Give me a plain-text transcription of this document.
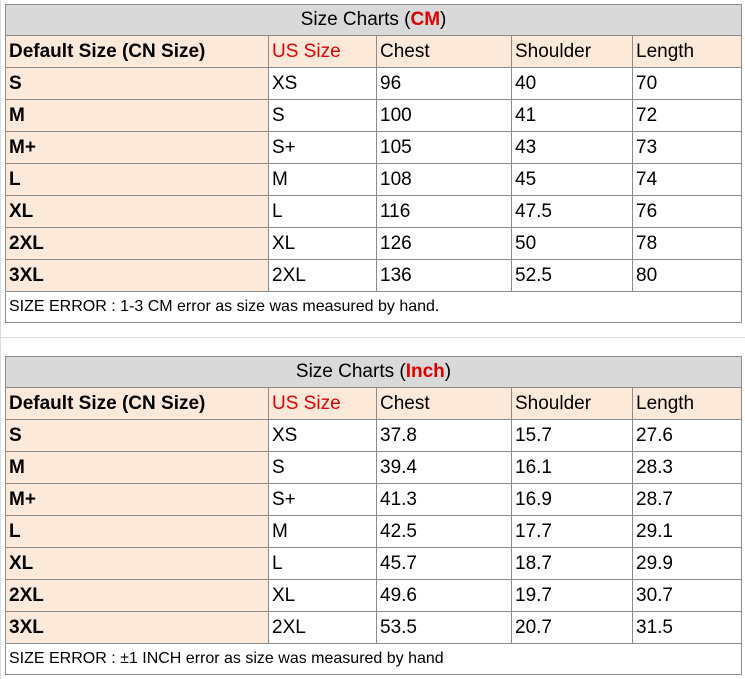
Size Charts (CM)				
Default Size (CN Size)	US Size	Chest	Shoulder	Length
S	XS	96	40	70
M	S	100	41	72
M+	S+	105	43	73
L	M	108	45	74
XL	L	116	47.5	76
2XL	XL	126	50	78
3XL	2XL	136	52.5	80
SIZE ERROR : 1-3 CM error as size was measured by hand.				
Size Charts (Inch)				
Default Size (CN Size)	US Size	Chest	Shoulder	Length
S	XS	37.8	15.7	27.6
M	S	39.4	16.1	28.3
M+	S+	41.3	16.9	28.7
L	M	42.5	17.7	29.1
XL	L	45.7	18.7	29.9
2XL	XL	49.6	19.7	30.7
3XL	2XL	53.5	20.7	31.5
SIZE ERROR : ±1 INCH error as size was measured by hand				
